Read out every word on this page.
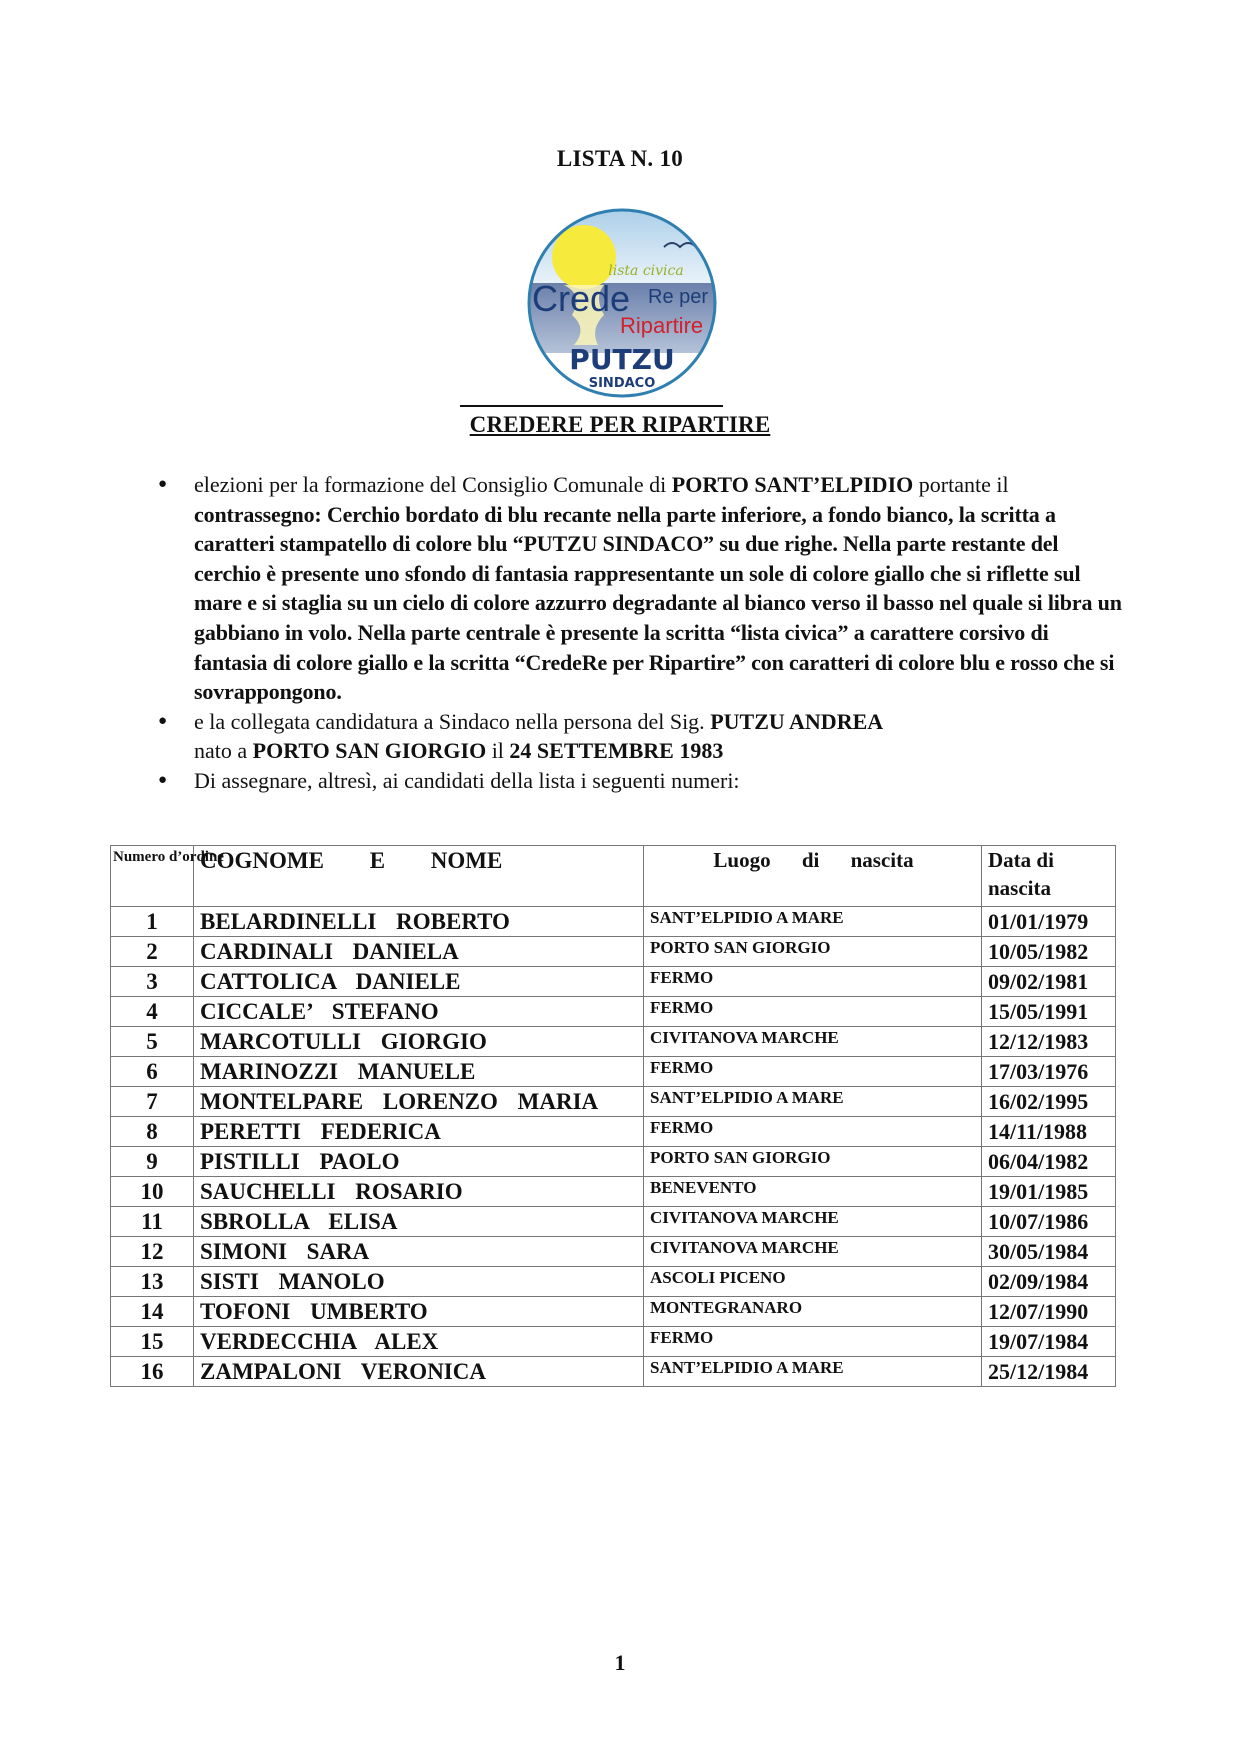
LISTA N. 10
lista civica
Crede Re per
Ripartire
PUTZU
SINDACO
CREDERE PER RIPARTIRE
● elezioni per la formazione del Consiglio Comunale di PORTO SANT’ELPIDIO portante il contrassegno: Cerchio bordato di blu recante nella parte inferiore, a fondo bianco, la scritta a caratteri stampatello di colore blu “PUTZU SINDACO” su due righe. Nella parte restante del cerchio è presente uno sfondo di fantasia rappresentante un sole di colore giallo che si riflette sul mare e si staglia su un cielo di colore azzurro degradante al bianco verso il basso nel quale si libra un gabbiano in volo. Nella parte centrale è presente la scritta “lista civica” a carattere corsivo di fantasia di colore giallo e la scritta “CredeRe per Ripartire” con caratteri di colore blu e rosso che si sovrappongono.
● e la collegata candidatura a Sindaco nella persona del Sig. PUTZU ANDREA
nato a PORTO SAN GIORGIO il 24 SETTEMBRE 1983
● Di assegnare, altresì, ai candidati della lista i seguenti numeri:
Numero d’ordine	COGNOME E NOME	Luogo di nascita	Data di nascita
1	BELARDINELLI ROBERTO	SANT’ELPIDIO A MARE	01/01/1979
2	CARDINALI DANIELA	PORTO SAN GIORGIO	10/05/1982
3	CATTOLICA DANIELE	FERMO	09/02/1981
4	CICCALE’ STEFANO	FERMO	15/05/1991
5	MARCOTULLI GIORGIO	CIVITANOVA MARCHE	12/12/1983
6	MARINOZZI MANUELE	FERMO	17/03/1976
7	MONTELPARE LORENZO MARIA	SANT’ELPIDIO A MARE	16/02/1995
8	PERETTI FEDERICA	FERMO	14/11/1988
9	PISTILLI PAOLO	PORTO SAN GIORGIO	06/04/1982
10	SAUCHELLI ROSARIO	BENEVENTO	19/01/1985
11	SBROLLA ELISA	CIVITANOVA MARCHE	10/07/1986
12	SIMONI SARA	CIVITANOVA MARCHE	30/05/1984
13	SISTI MANOLO	ASCOLI PICENO	02/09/1984
14	TOFONI UMBERTO	MONTEGRANARO	12/07/1990
15	VERDECCHIA ALEX	FERMO	19/07/1984
16	ZAMPALONI VERONICA	SANT’ELPIDIO A MARE	25/12/1984
1
